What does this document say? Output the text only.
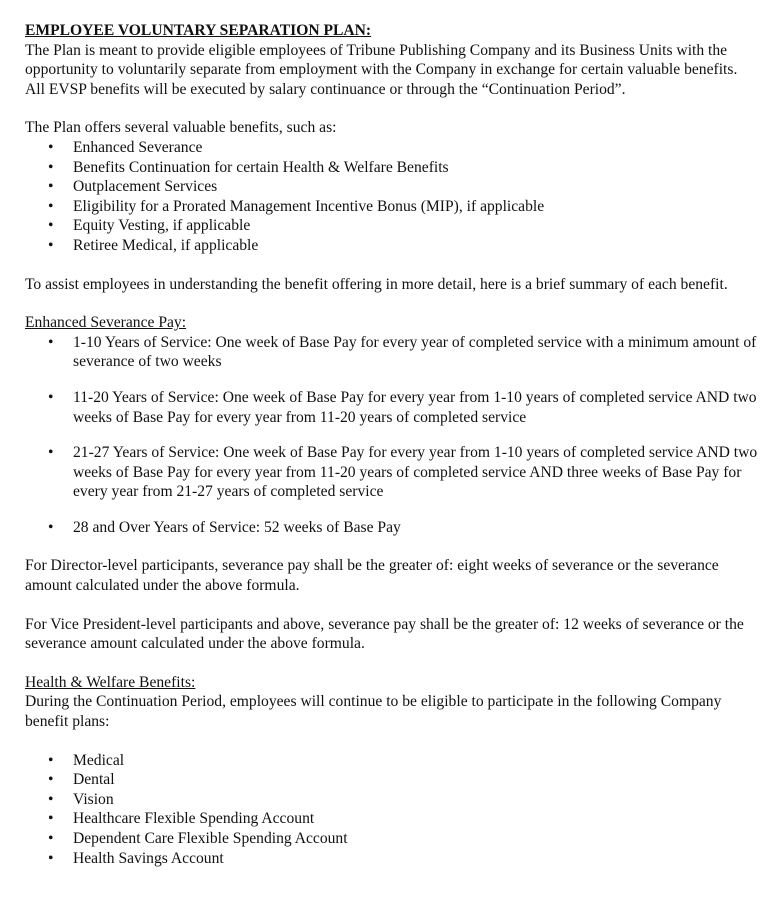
EMPLOYEE VOLUNTARY SEPARATION PLAN:

The Plan is meant to provide eligible employees of Tribune Publishing Company and its Business Units with the opportunity to voluntarily separate from employment with the Company in exchange for certain valuable benefits. All EVSP benefits will be executed by salary continuance or through the “Continuation Period”.

The Plan offers several valuable benefits, such as:

• Enhanced Severance
• Benefits Continuation for certain Health & Welfare Benefits
• Outplacement Services
• Eligibility for a Prorated Management Incentive Bonus (MIP), if applicable
• Equity Vesting, if applicable
• Retiree Medical, if applicable

To assist employees in understanding the benefit offering in more detail, here is a brief summary of each benefit.

Enhanced Severance Pay:

• 1-10 Years of Service: One week of Base Pay for every year of completed service with a minimum amount of severance of two weeks
• 11-20 Years of Service: One week of Base Pay for every year from 1-10 years of completed service AND two weeks of Base Pay for every year from 11-20 years of completed service
• 21-27 Years of Service: One week of Base Pay for every year from 1-10 years of completed service AND two weeks of Base Pay for every year from 11-20 years of completed service AND three weeks of Base Pay for every year from 21-27 years of completed service
• 28 and Over Years of Service: 52 weeks of Base Pay

For Director-level participants, severance pay shall be the greater of: eight weeks of severance or the severance amount calculated under the above formula.

For Vice President-level participants and above, severance pay shall be the greater of: 12 weeks of severance or the severance amount calculated under the above formula.

Health & Welfare Benefits:

During the Continuation Period, employees will continue to be eligible to participate in the following Company benefit plans:

• Medical
• Dental
• Vision
• Healthcare Flexible Spending Account
• Dependent Care Flexible Spending Account
• Health Savings Account
